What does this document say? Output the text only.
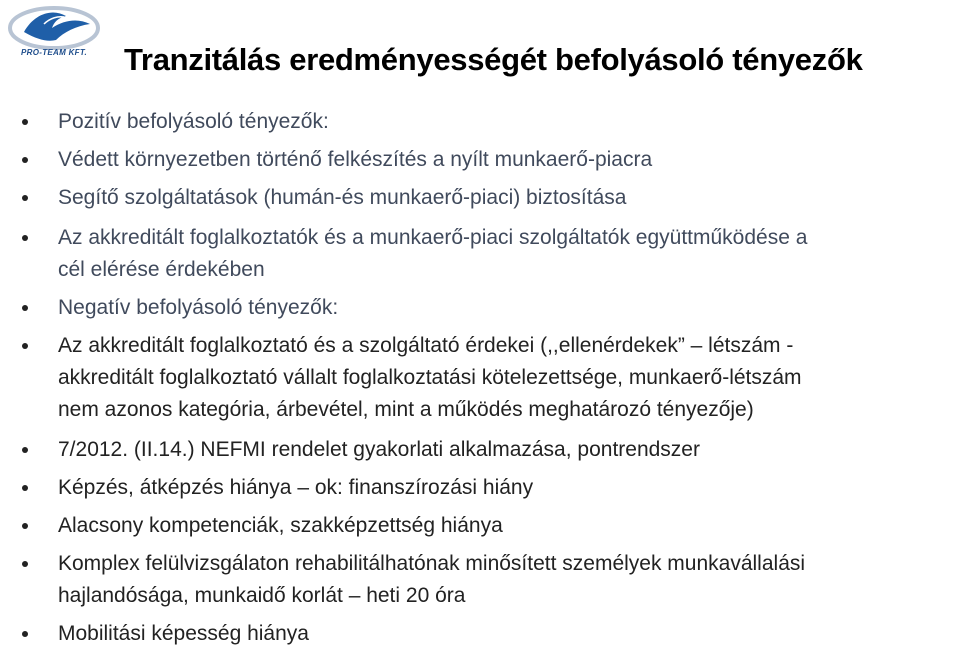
PRO-TEAM KFT.	Tranzitálás eredményességét befolyásoló tényezők
Pozitív befolyásoló tényezők:
Védett környezetben történő felkészítés a nyílt munkaerő-piacra
Segítő szolgáltatások (humán-és munkaerő-piaci) biztosítása
Az akkreditált foglalkoztatók és a munkaerő-piaci szolgáltatók együttműködése a
cél elérése érdekében
Negatív befolyásoló tényezők:
Az akkreditált foglalkoztató és a szolgáltató érdekei (,,ellenérdekek” – létszám -
akkreditált foglalkoztató vállalt foglalkoztatási kötelezettsége, munkaerő-létszám
nem azonos kategória, árbevétel, mint a működés meghatározó tényezője)
7/2012. (II.14.) NEFMI rendelet gyakorlati alkalmazása, pontrendszer
Képzés, átképzés hiánya – ok: finanszírozási hiány
Alacsony kompetenciák, szakképzettség hiánya
Komplex felülvizsgálaton rehabilitálhatónak minősített személyek munkavállalási
hajlandósága, munkaidő korlát – heti 20 óra
Mobilitási képesség hiánya
